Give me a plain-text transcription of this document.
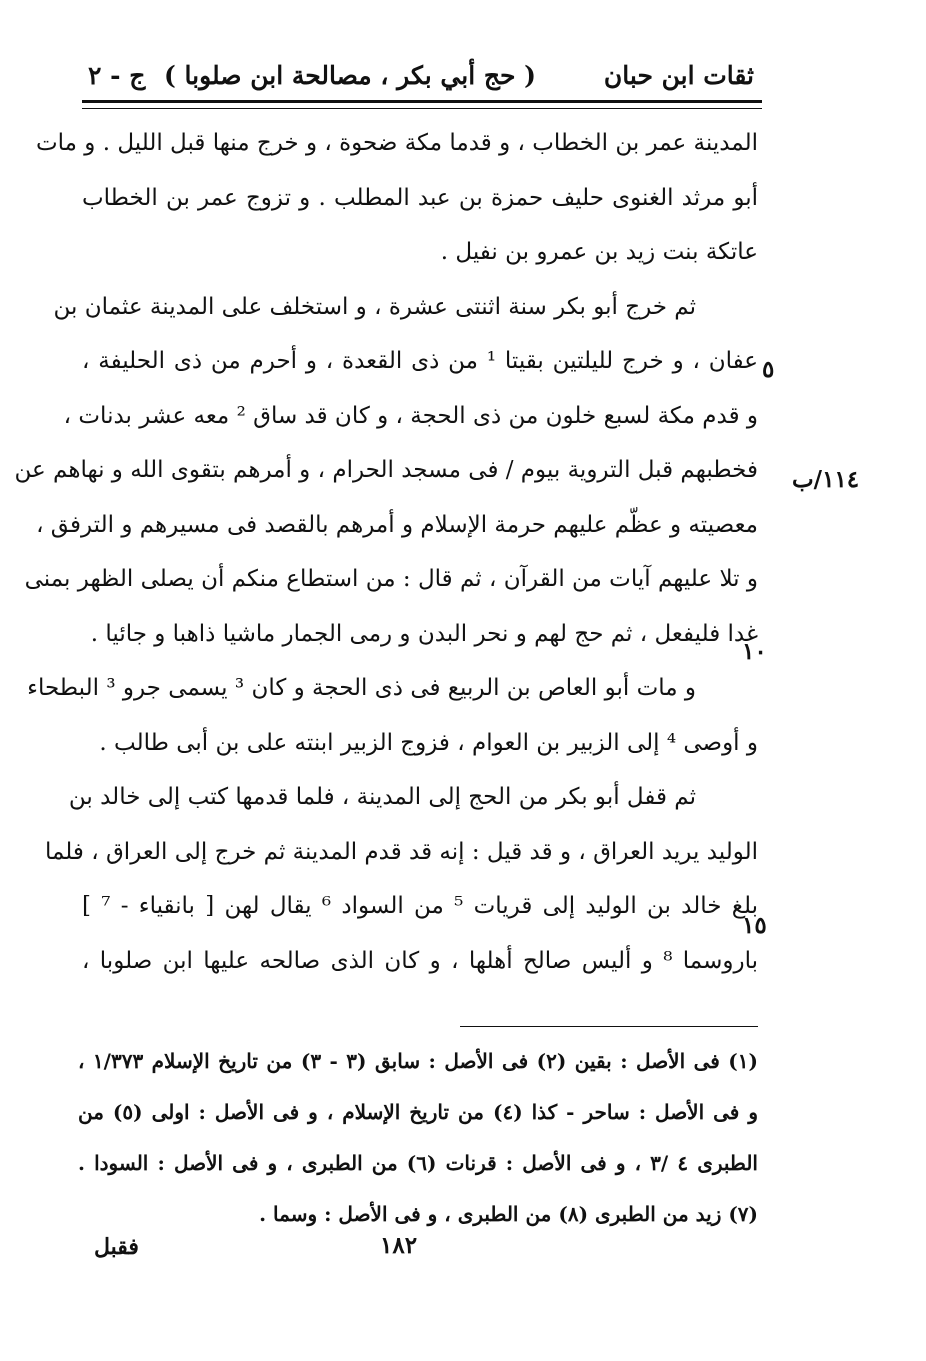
ثقات ابن حبان
( حج أبي بكر ، مصالحة ابن صلوبا )
ج - ٢
المدينة عمر بن الخطاب ، و قدما مكة ضحوة ، و خرج منها قبل الليل . و مات
أبو مرثد الغنوى حليف حمزة بن عبد المطلب . و تزوج عمر بن الخطاب
عاتكة بنت زيد بن عمرو بن نفيل .
ثم خرج أبو بكر سنة اثنتى عشرة ، و استخلف على المدينة عثمان بن
عفان ، و خرج لليلتين بقيتا ¹ من ذى القعدة ، و أحرم من ذى الحليفة ،
و قدم مكة لسبع خلون من ذى الحجة ، و كان قد ساق ² معه عشر بدنات ،
فخطبهم قبل التروية بيوم / فى مسجد الحرام ، و أمرهم بتقوى الله و نهاهم عن
معصيته و عظّم عليهم حرمة الإسلام و أمرهم بالقصد فى مسيرهم و الترفق ،
و تلا عليهم آيات من القرآن ، ثم قال : من استطاع منكم أن يصلى الظهر بمنى
غدا فليفعل ، ثم حج لهم و نحر البدن و رمى الجمار ماشيا ذاهبا و جائيا .
و مات أبو العاص بن الربيع فى ذى الحجة و كان ³ يسمى جرو ³ البطحاء
و أوصى ⁴ إلى الزبير بن العوام ، فزوج الزبير ابنته على بن أبى طالب .
ثم قفل أبو بكر من الحج إلى المدينة ، فلما قدمها كتب إلى خالد بن
الوليد يريد العراق ، و قد قيل : إنه قد قدم المدينة ثم خرج إلى العراق ، فلما
بلغ خالد بن الوليد إلى قريات ⁵ من السواد ⁶ يقال لهن [ بانقياء - ⁷ ]
باروسما ⁸ و أليس صالح أهلها ، و كان الذى صالحه عليها ابن صلوبا ،
٥
١١٤/ب
١٠
١٥
(١) فى الأصل : بقين (٢) فى الأصل : سابق (٣ - ٣) من تاريخ الإسلام ١/٣٧٣ ،
و فى الأصل : ساحر - كذا (٤) من تاريخ الإسلام ، و فى الأصل : اولى (٥) من
الطبرى ٤ /٣ ، و فى الأصل : قرنات (٦) من الطبرى ، و فى الأصل : السودا .
(٧) زيد من الطبرى (٨) من الطبرى ، و فى الأصل : وسما .
١٨٢
فقبل
